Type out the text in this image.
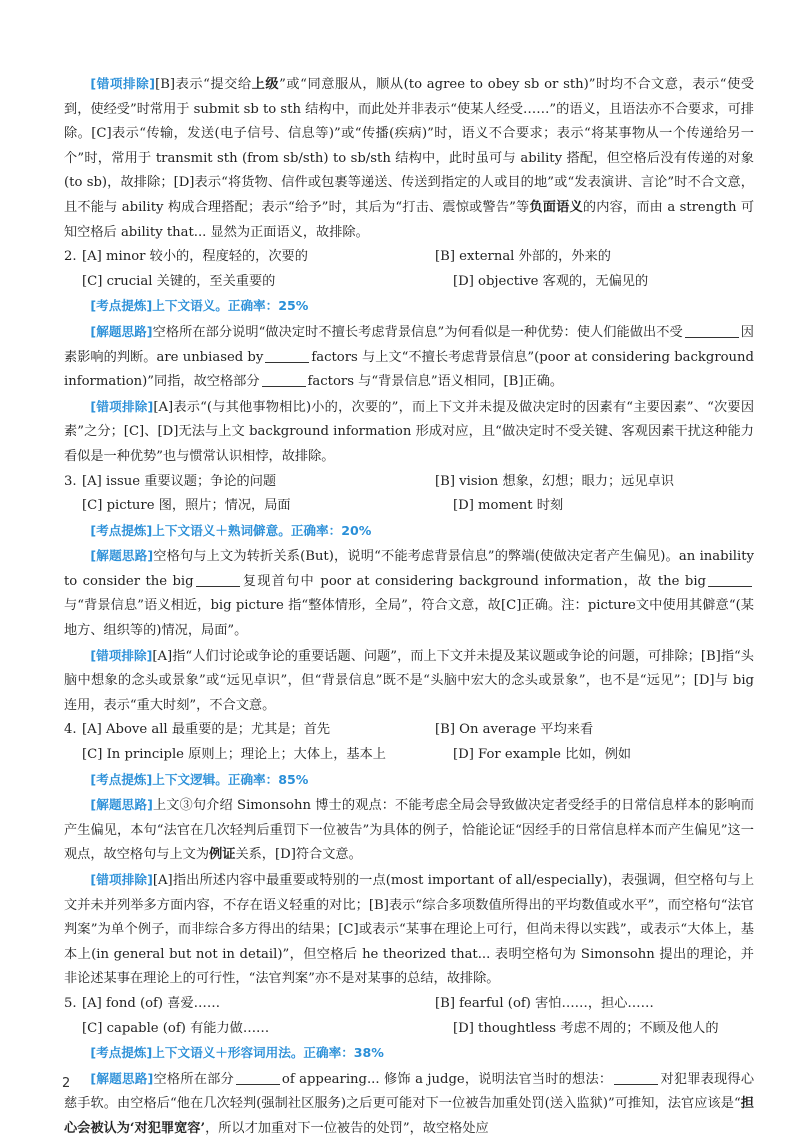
[错项排除][B]表示“提交给上级”或“同意服从，顺从(to agree to obey sb or sth)”时均不合文意，表示“使受到，使经受”时常用于 submit sb to sth 结构中，而此处并非表示“使某人经受……”的语义，且语法亦不合要求，可排除。[C]表示“传输，发送(电子信号、信息等)”或“传播(疾病)”时，语义不合要求；表示“将某事物从一个传递给另一个”时，常用于 transmit sth (from sb/sth) to sb/sth 结构中，此时虽可与 ability 搭配，但空格后没有传递的对象(to sb)，故排除；[D]表示“将货物、信件或包裹等递送、传送到指定的人或目的地”或“发表演讲、言论”时不合文意，且不能与 ability 构成合理搭配；表示“给予”时，其后为“打击、震惊或警告”等负面语义的内容，而由 a strength 可知空格后 ability that... 显然为正面语义，故排除。

2. [A] minor 较小的，程度轻的，次要的	[B] external 外部的，外来的
[C] crucial 关键的，至关重要的	[D] objective 客观的，无偏见的

[考点提炼]上下文语义。正确率：25%

[解题思路]空格所在部分说明“做决定时不擅长考虑背景信息”为何看似是一种优势：使人们能做出不受	因素影响的判断。are unbiased by	factors 与上文“不擅长考虑背景信息”(poor at considering background information)”同指，故空格部分	factors 与“背景信息”语义相同，[B]正确。

[错项排除][A]表示“(与其他事物相比)小的，次要的”，而上下文并未提及做决定时的因素有“主要因素”、“次要因素”之分；[C]、[D]无法与上文 background information 形成对应，且“做决定时不受关键、客观因素干扰这种能力看似是一种优势”也与惯常认识相悖，故排除。

3. [A] issue 重要议题；争论的问题	[B] vision 想象，幻想；眼力；远见卓识
[C] picture 图，照片；情况，局面	[D] moment 时刻

[考点提炼]上下文语义＋熟词僻意。正确率：20%

[解题思路]空格句与上文为转折关系(But)，说明“不能考虑背景信息”的弊端(使做决定者产生偏见)。an inability to consider the big	复现首句中 poor at considering background information，故 the big与“背景信息”语义相近，big picture 指“整体情形，全局”，符合文意，故[C]正确。注：picture文中使用其僻意“(某地方、组织等的)情况，局面”。

[错项排除][A]指“人们讨论或争论的重要话题、问题”，而上下文并未提及某议题或争论的问题，可排除；[B]指“头脑中想象的念头或景象”或“远见卓识”，但“背景信息”既不是“头脑中宏大的念头或景象”，也不是“远见”；[D]与 big 连用，表示“重大时刻”，不合文意。

4. [A] Above all 最重要的是；尤其是；首先	[B] On average 平均来看
[C] In principle 原则上；理论上；大体上，基本上	[D] For example 比如，例如

[考点提炼]上下文逻辑。正确率：85%

[解题思路]上文③句介绍 Simonsohn 博士的观点：不能考虑全局会导致做决定者受经手的日常信息样本的影响而产生偏见，本句“法官在几次轻判后重罚下一位被告”为具体的例子，恰能论证“因经手的日常信息样本而产生偏见”这一观点，故空格句与上文为例证关系，[D]符合文意。

[错项排除][A]指出所述内容中最重要或特别的一点(most important of all/especially)，表强调，但空格句与上文并未并列举多方面内容，不存在语义轻重的对比；[B]表示“综合多项数值所得出的平均数值或水平”，而空格句“法官判案”为单个例子，而非综合多方得出的结果；[C]或表示“某事在理论上可行，但尚未得以实践”，或表示“大体上，基本上(in general but not in detail)”，但空格后 he theorized that... 表明空格句为 Simonsohn 提出的理论，并非论述某事在理论上的可行性，“法官判案”亦不是对某事的总结，故排除。

5. [A] fond (of) 喜爱……	[B] fearful (of) 害怕……，担心……
[C] capable (of) 有能力做……	[D] thoughtless 考虑不周的；不顾及他人的

[考点提炼]上下文语义＋形容词用法。正确率：38%

[解题思路]空格所在部分	of appearing... 修饰 a judge，说明法官当时的想法：	对犯罪表现得心慈手软。由空格后“他在几次轻判(强制社区服务)之后更可能对下一位被告加重处罚(送入监狱)”可推知，法官应该是“担心会被认为‘对犯罪宽容’，所以才加重对下一位被告的处罚”，故空格处应

2
